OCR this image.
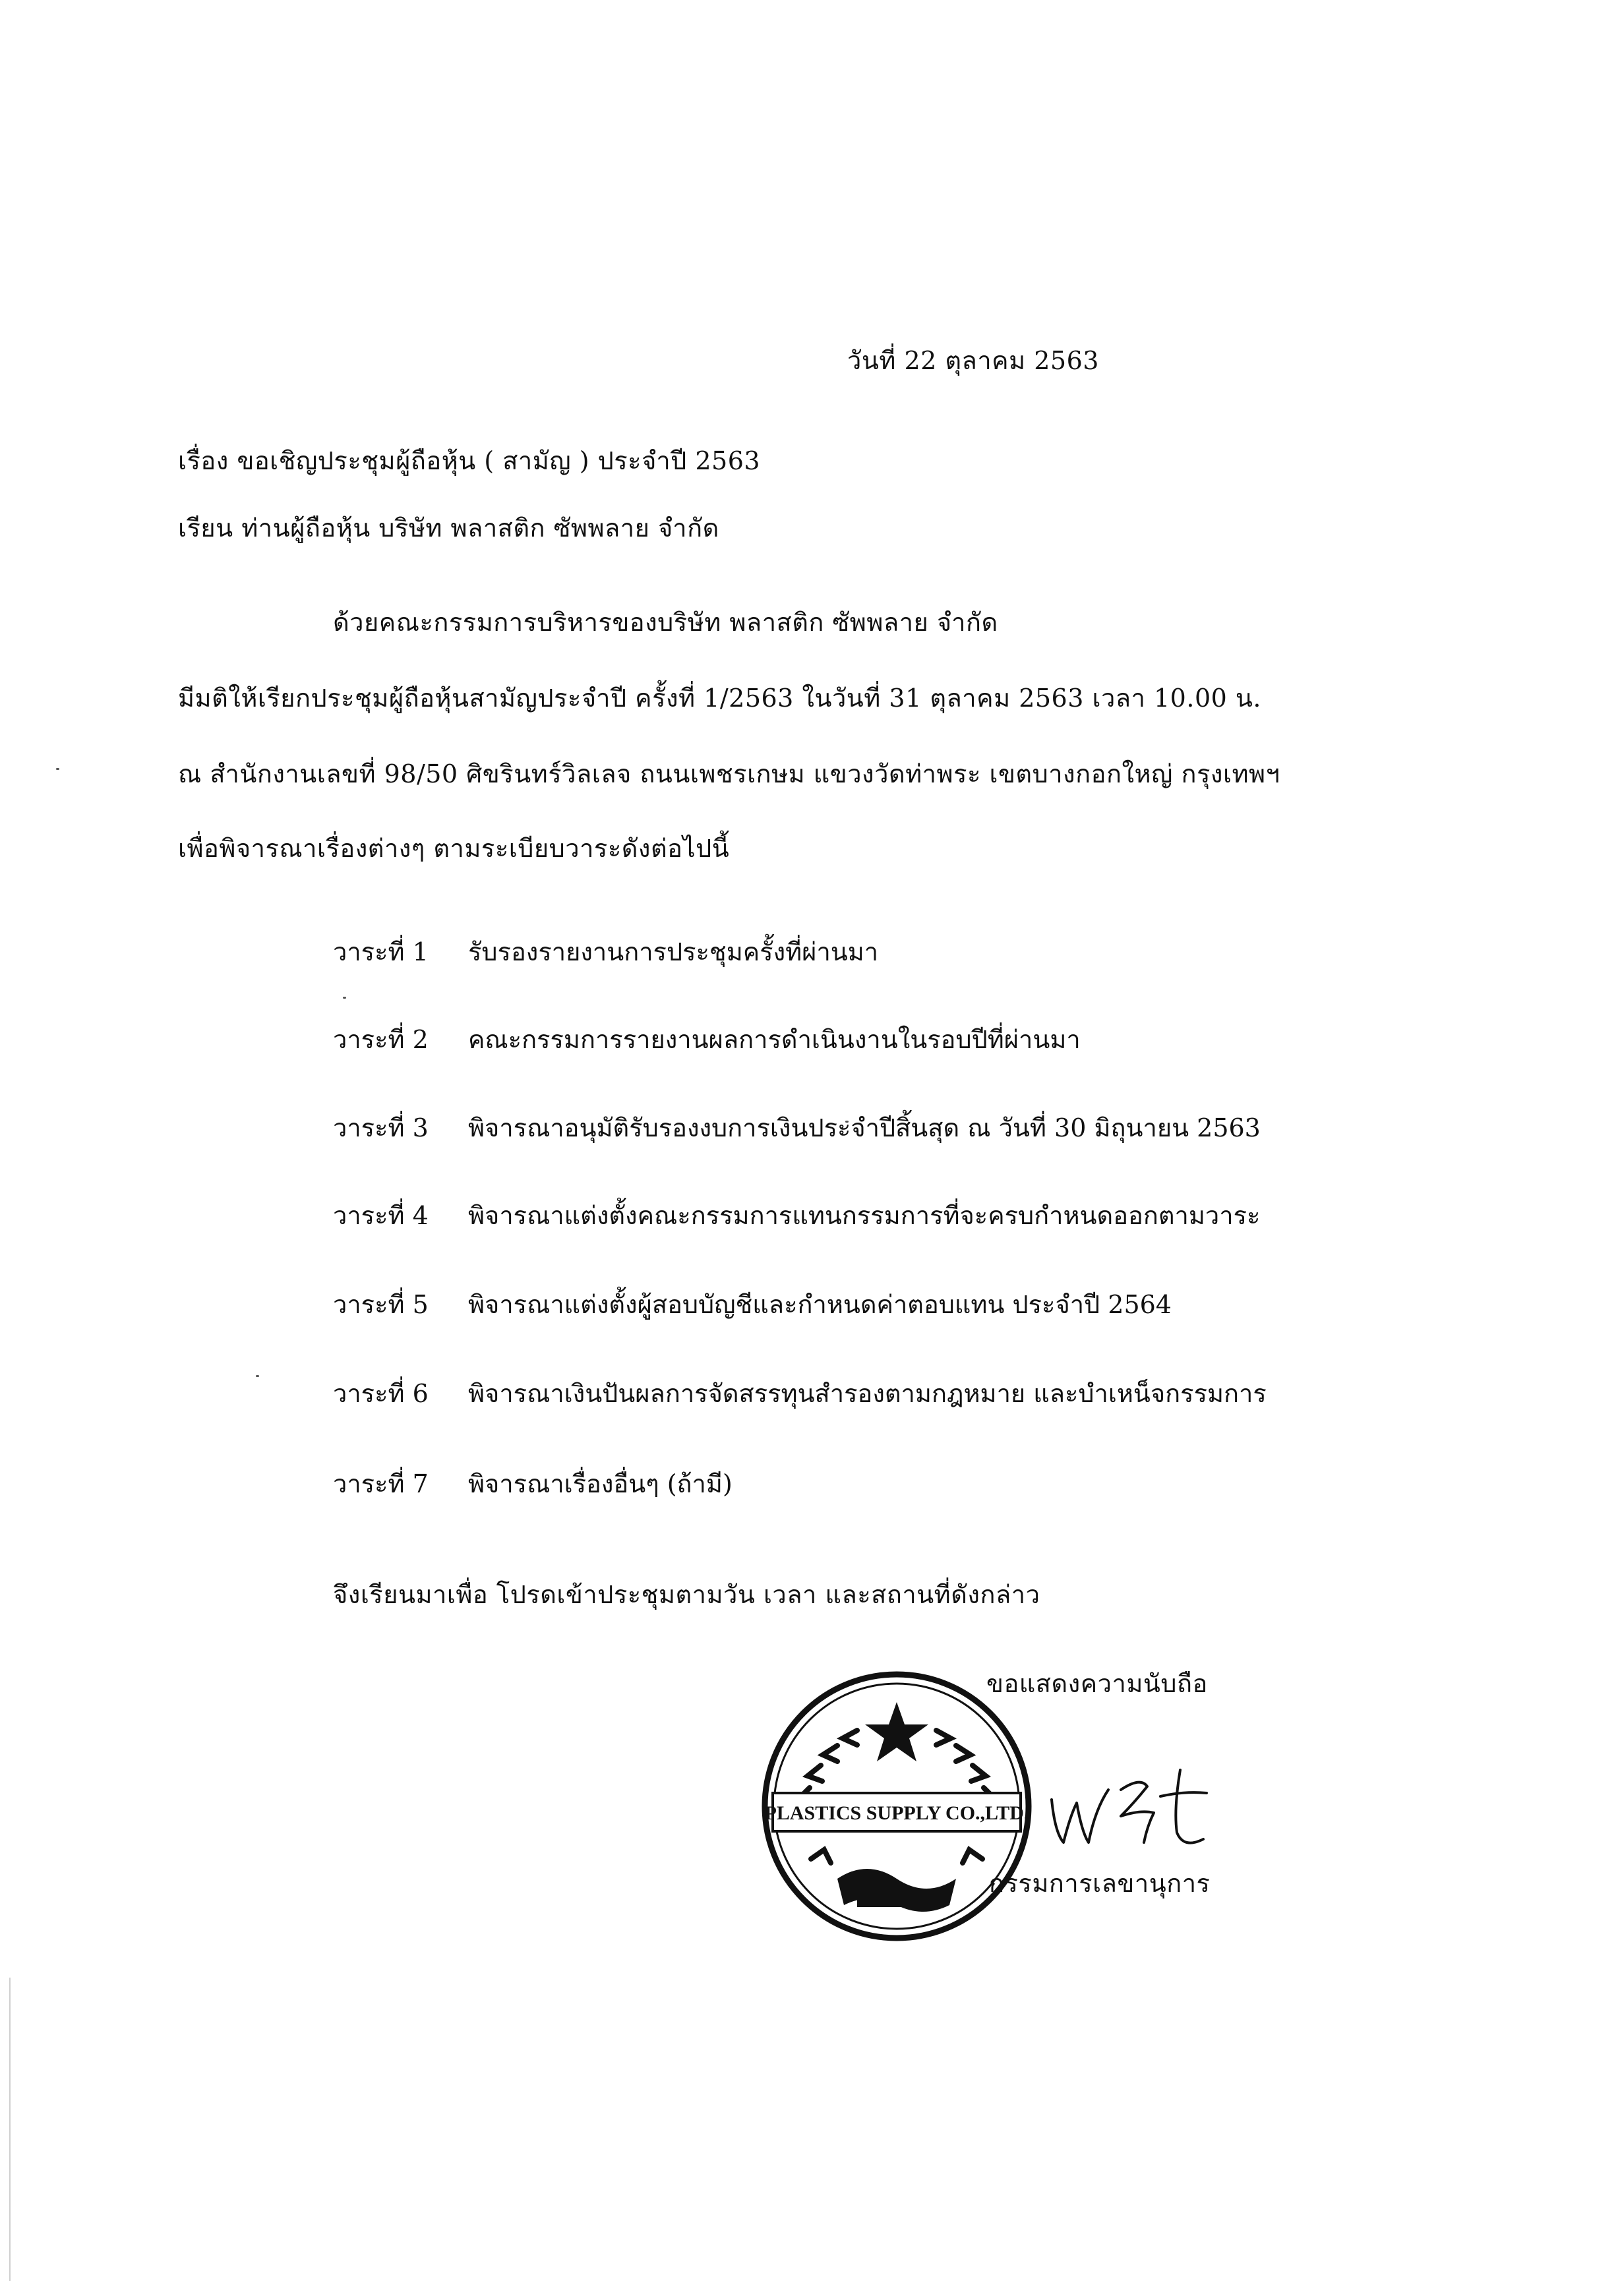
วันที่ 22 ตุลาคม 2563
เรื่อง ขอเชิญประชุมผู้ถือหุ้น ( สามัญ ) ประจำปี 2563
เรียน ท่านผู้ถือหุ้น บริษัท พลาสติก ซัพพลาย จำกัด
ด้วยคณะกรรมการบริหารของบริษัท พลาสติก ซัพพลาย จำกัด
มีมติให้เรียกประชุมผู้ถือหุ้นสามัญประจำปี ครั้งที่ 1/2563 ในวันที่ 31 ตุลาคม 2563 เวลา 10.00 น.
ณ สำนักงานเลขที่ 98/50 ศิขรินทร์วิลเลจ ถนนเพชรเกษม แขวงวัดท่าพระ เขตบางกอกใหญ่ กรุงเทพฯ
เพื่อพิจารณาเรื่องต่างๆ ตามระเบียบวาระดังต่อไปนี้
วาระที่ 1 รับรองรายงานการประชุมครั้งที่ผ่านมา
วาระที่ 2 คณะกรรมการรายงานผลการดำเนินงานในรอบปีที่ผ่านมา
วาระที่ 3 พิจารณาอนุมัติรับรองงบการเงินประจำปีสิ้นสุด ณ วันที่ 30 มิถุนายน 2563
วาระที่ 4 พิจารณาแต่งตั้งคณะกรรมการแทนกรรมการที่จะครบกำหนดออกตามวาระ
วาระที่ 5 พิจารณาแต่งตั้งผู้สอบบัญชีและกำหนดค่าตอบแทน ประจำปี 2564
วาระที่ 6 พิจารณาเงินปันผลการจัดสรรทุนสำรองตามกฎหมาย และบำเหน็จกรรมการ
วาระที่ 7 พิจารณาเรื่องอื่นๆ (ถ้ามี)
จึงเรียนมาเพื่อ โปรดเข้าประชุมตามวัน เวลา และสถานที่ดังกล่าว
ขอแสดงความนับถือ
PLASTICS SUPPLY CO.,LTD.
กรรมการเลขานุการ
